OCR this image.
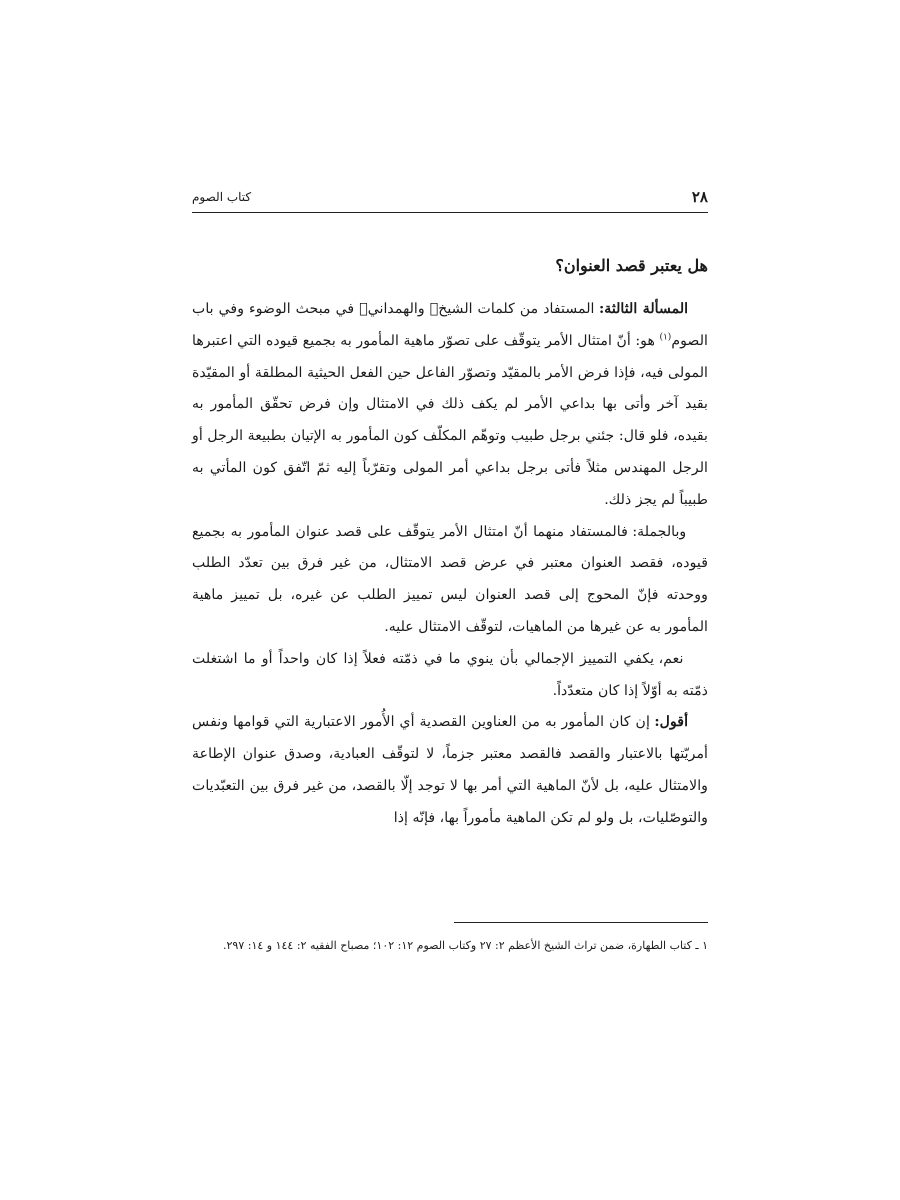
٢٨
كتاب الصوم
هل يعتبر قصد العنوان؟

المسألة الثالثة: المستفاد من كلمات الشيخ﷫ والهمداني﷫ في مبحث الوضوء وفي باب الصوم$^{(١)}$ هو: أنّ امتثال الأمر يتوقّف على تصوّر ماهية المأمور به بجميع قيوده التي اعتبرها المولى فيه، فإذا فرض الأمر بالمقيّد وتصوّر الفاعل حين الفعل الحيثية المطلقة أو المقيّدة بقيد آخر وأتى بها بداعي الأمر لم يكف ذلك في الامتثال وإن فرض تحقّق المأمور به بقيده، فلو قال: جئني برجل طبيب وتوهّم المكلّف كون المأمور به الإتيان بطبيعة الرجل أو الرجل المهندس مثلاً فأتى برجل بداعي أمر المولى وتقرّباً إليه ثمّ اتّفق كون المأتي به طبيباً لم يجز ذلك.

وبالجملة: فالمستفاد منهما أنّ امتثال الأمر يتوقّف على قصد عنوان المأمور به بجميع قيوده، فقصد العنوان معتبر في عرض قصد الامتثال، من غير فرق بين تعدّد الطلب ووحدته فإنّ المحوج إلى قصد العنوان ليس تمييز الطلب عن غيره، بل تمييز ماهية المأمور به عن غيرها من الماهيات، لتوقّف الامتثال عليه.

نعم، يكفي التمييز الإجمالي بأن ينوي ما في ذمّته فعلاً إذا كان واحداً أو ما اشتغلت ذمّته به أوّلاً إذا كان متعدّداً.

أقول: إن كان المأمور به من العناوين القصدية أي الأُمور الاعتبارية التي قوامها ونفس أمريّتها بالاعتبار والقصد فالقصد معتبر جزماً، لا لتوقّف العبادية، وصدق عنوان الإطاعة والامتثال عليه، بل لأنّ الماهية التي أمر بها لا توجد إلّا بالقصد، من غير فرق بين التعبّديات والتوصّليات، بل ولو لم تكن الماهية مأموراً بها، فإنّه إذا

١ ـ كتاب الطهارة، ضمن تراث الشيخ الأعظم ٢: ٢٧ وكتاب الصوم ١٢: ١٠٢؛ مصباح الفقيه ٢: ١٤٤ و ١٤: ٢٩٧.
